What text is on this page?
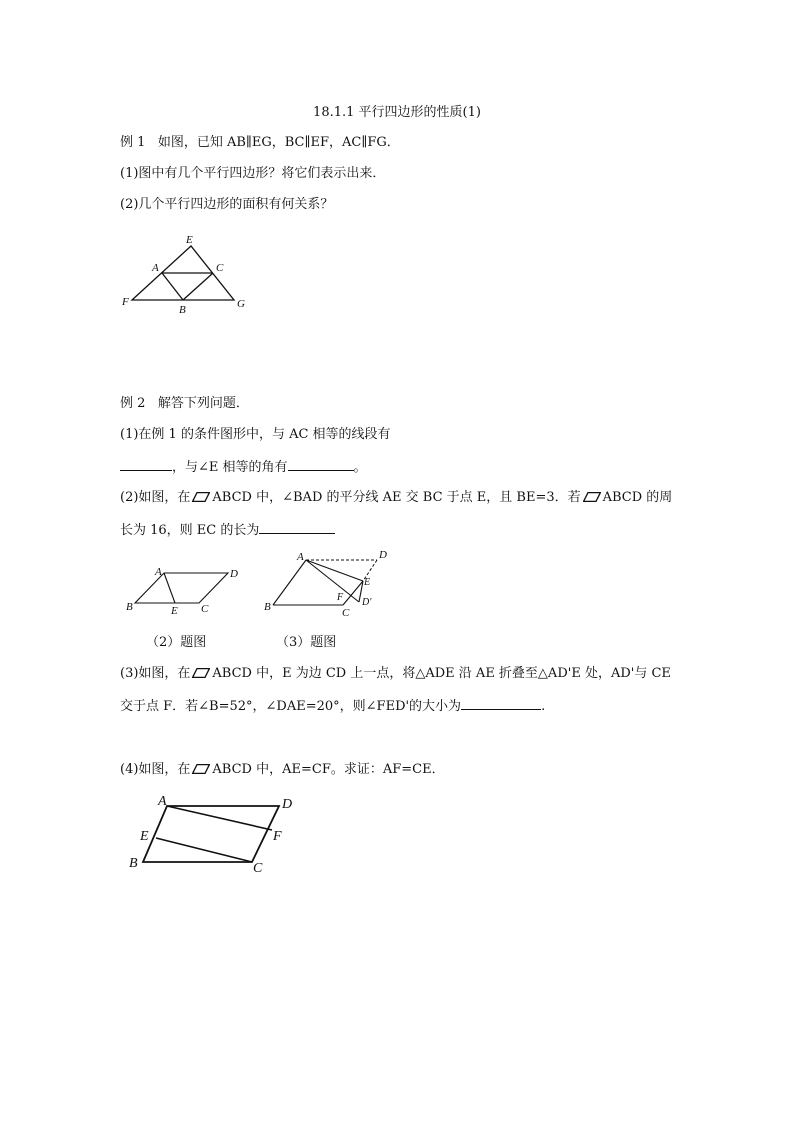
18.1.1 平行四边形的性质(1)
例 1 如图，已知 AB∥EG，BC∥EF，AC∥FG．
(1)图中有几个平行四边形？将它们表示出来．
(2)几个平行四边形的面积有何关系？
E
A	C
F
B	G
例 2 解答下列问题．
(1)在例 1 的条件图形中，与 AC 相等的线段有
，与∠E 相等的角有	。
(2)如图，在 ABCD 中，∠BAD 的平分线 AE 交 BC 于点 E，且 BE=3．若 ABCD 的周
长为 16，则 EC 的长为
A	D
B	E C
A	D
E
F D'
B	C
（2）题图	（3）题图
(3)如图，在 ABCD 中，E 为边 CD 上一点，将△ADE 沿 AE 折叠至△AD'E 处，AD'与 CE
交于点 F．若∠B=52°，∠DAE=20°，则∠FED'的大小为	.
(4)如图，在 ABCD 中，AE=CF。求证：AF=CE．
A	D
E	F
B	C
